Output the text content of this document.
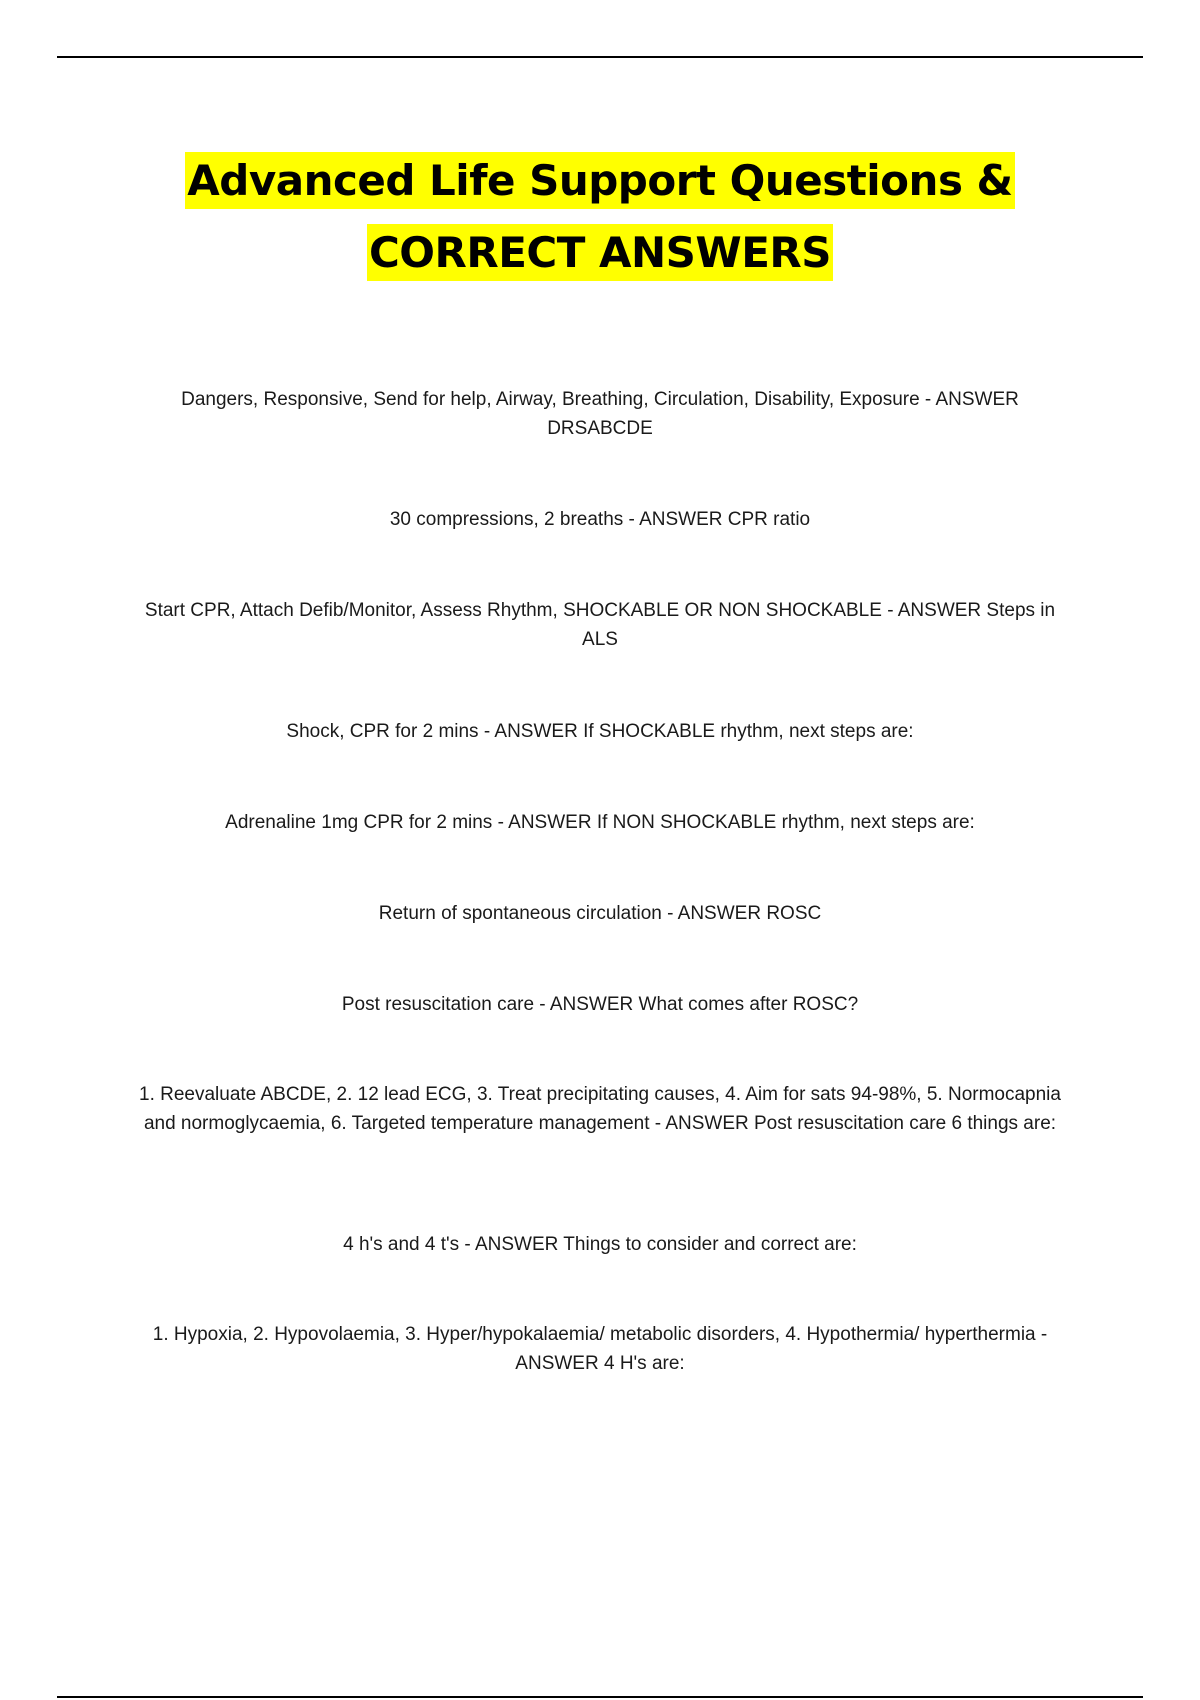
Advanced Life Support Questions &
CORRECT ANSWERS
Dangers, Responsive, Send for help, Airway, Breathing, Circulation, Disability, Exposure - ANSWER DRSABCDE
30 compressions, 2 breaths - ANSWER CPR ratio
Start CPR, Attach Defib/Monitor, Assess Rhythm, SHOCKABLE OR NON SHOCKABLE - ANSWER Steps in ALS
Shock, CPR for 2 mins - ANSWER If SHOCKABLE rhythm, next steps are:
Adrenaline 1mg CPR for 2 mins - ANSWER If NON SHOCKABLE rhythm, next steps are:
Return of spontaneous circulation - ANSWER ROSC
Post resuscitation care - ANSWER What comes after ROSC?
1. Reevaluate ABCDE, 2. 12 lead ECG, 3. Treat precipitating causes, 4. Aim for sats 94-98%, 5. Normocapnia and normoglycaemia, 6. Targeted temperature management - ANSWER Post resuscitation care 6 things are:
4 h's and 4 t's - ANSWER Things to consider and correct are:
1. Hypoxia, 2. Hypovolaemia, 3. Hyper/hypokalaemia/ metabolic disorders, 4. Hypothermia/ hyperthermia - ANSWER 4 H's are:
